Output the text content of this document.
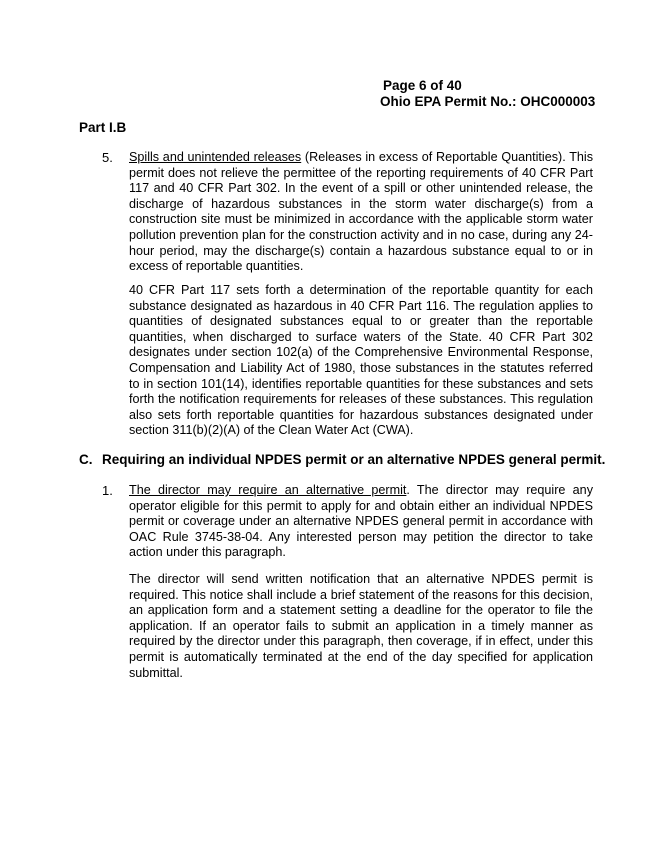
Page 6 of 40
Ohio EPA Permit No.: OHC000003
Part I.B
5. Spills and unintended releases (Releases in excess of Reportable Quantities). This permit does not relieve the permittee of the reporting requirements of 40 CFR Part 117 and 40 CFR Part 302. In the event of a spill or other unintended release, the discharge of hazardous substances in the storm water discharge(s) from a construction site must be minimized in accordance with the applicable storm water pollution prevention plan for the construction activity and in no case, during any 24-hour period, may the discharge(s) contain a hazardous substance equal to or in excess of reportable quantities.
40 CFR Part 117 sets forth a determination of the reportable quantity for each substance designated as hazardous in 40 CFR Part 116. The regulation applies to quantities of designated substances equal to or greater than the reportable quantities, when discharged to surface waters of the State. 40 CFR Part 302 designates under section 102(a) of the Comprehensive Environmental Response, Compensation and Liability Act of 1980, those substances in the statutes referred to in section 101(14), identifies reportable quantities for these substances and sets forth the notification requirements for releases of these substances. This regulation also sets forth reportable quantities for hazardous substances designated under section 311(b)(2)(A) of the Clean Water Act (CWA).
C. Requiring an individual NPDES permit or an alternative NPDES general permit.
1. The director may require an alternative permit. The director may require any operator eligible for this permit to apply for and obtain either an individual NPDES permit or coverage under an alternative NPDES general permit in accordance with OAC Rule 3745-38-04. Any interested person may petition the director to take action under this paragraph.
The director will send written notification that an alternative NPDES permit is required. This notice shall include a brief statement of the reasons for this decision, an application form and a statement setting a deadline for the operator to file the application. If an operator fails to submit an application in a timely manner as required by the director under this paragraph, then coverage, if in effect, under this permit is automatically terminated at the end of the day specified for application submittal.
